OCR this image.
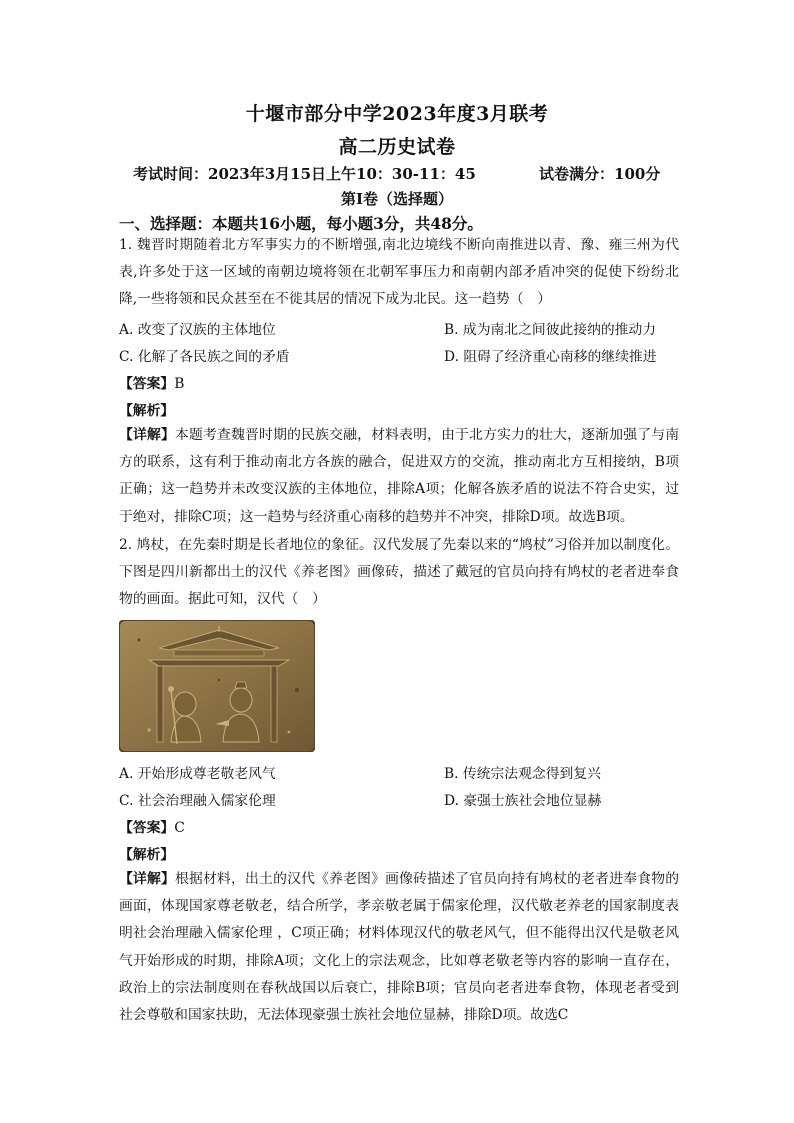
十堰市部分中学2023年度3月联考
高二历史试卷
考试时间：2023年3月15日上午10：30-11：45	试卷满分：100分
第Ⅰ卷（选择题）
一、选择题：本题共16小题，每小题3分，共48分。
1. 魏晋时期随着北方军事实力的不断增强,南北边境线不断向南推进以青、豫、雍三州为代表,许多处于这一区域的南朝边境将领在北朝军事压力和南朝内部矛盾冲突的促使下纷纷北降,一些将领和民众甚至在不徙其居的情况下成为北民。这一趋势（　）
A. 改变了汉族的主体地位	B. 成为南北之间彼此接纳的推动力
C. 化解了各民族之间的矛盾	D. 阻碍了经济重心南移的继续推进
【答案】B
【解析】
【详解】本题考查魏晋时期的民族交融，材料表明，由于北方实力的壮大，逐渐加强了与南方的联系，这有利于推动南北方各族的融合，促进双方的交流，推动南北方互相接纳，B项正确；这一趋势并未改变汉族的主体地位，排除A项；化解各族矛盾的说法不符合史实，过于绝对，排除C项；这一趋势与经济重心南移的趋势并不冲突，排除D项。故选B项。
2. 鸠杖，在先秦时期是长者地位的象征。汉代发展了先秦以来的“鸠杖”习俗并加以制度化。下图是四川新都出土的汉代《养老图》画像砖，描述了戴冠的官员向持有鸠杖的老者进奉食物的画面。据此可知，汉代（　）
A. 开始形成尊老敬老风气	B. 传统宗法观念得到复兴
C. 社会治理融入儒家伦理	D. 豪强士族社会地位显赫
【答案】C
【解析】
【详解】根据材料，出土的汉代《养老图》画像砖描述了官员向持有鸠杖的老者进奉食物的画面，体现国家尊老敬老，结合所学，孝亲敬老属于儒家伦理，汉代敬老养老的国家制度表明社会治理融入儒家伦理 ，C项正确；材料体现汉代的敬老风气，但不能得出汉代是敬老风气开始形成的时期，排除A项；文化上的宗法观念，比如尊老敬老等内容的影响一直存在，政治上的宗法制度则在春秋战国以后衰亡，排除B项；官员向老者进奉食物，体现老者受到社会尊敬和国家扶助，无法体现豪强士族社会地位显赫，排除D项。故选C
